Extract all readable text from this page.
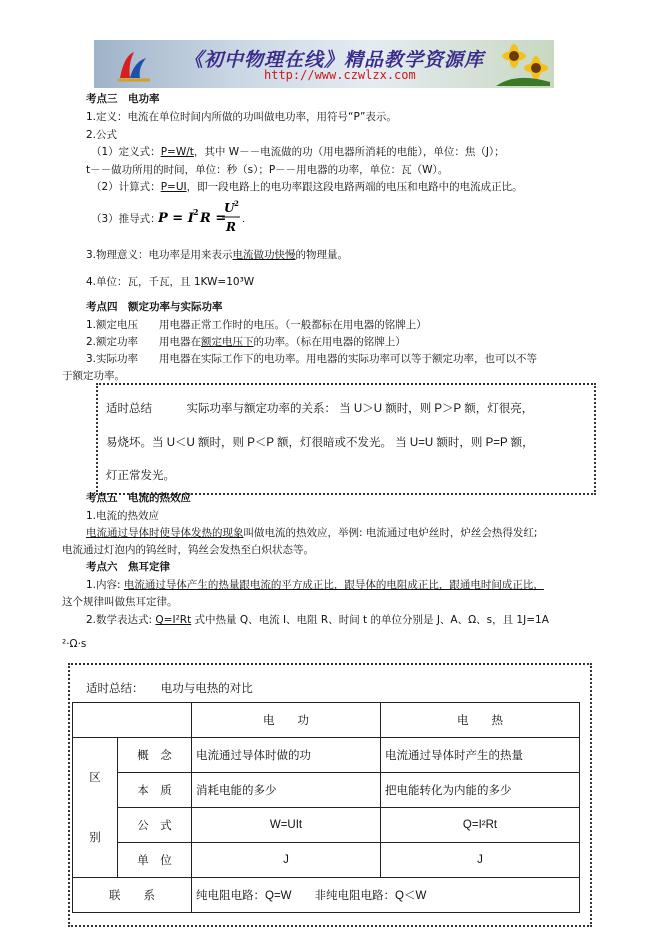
《初中物理在线》精品教学资源库
http://www.czwlzx.com
考点三　电功率
1.定义：电流在单位时间内所做的功叫做电功率，用符号“P”表示。
2.公式
（1）定义式：P=W/t，其中 W－－电流做的功（用电器所消耗的电能），单位：焦（J）；
t－－做功所用的时间，单位：秒（s）；P－－用电器的功率，单位：瓦（W）。
（2）计算式：P=UI，即一段电路上的电功率跟这段电路两端的电压和电路中的电流成正比。
（3）推导式：
P = I 2 R =
U 2
R
.
3.物理意义：电功率是用来表示电流做功快慢的物理量。
4.单位：瓦，千瓦，且 1KW=10³W
考点四　额定功率与实际功率
1.额定电压　　用电器正常工作时的电压。（一般都标在用电器的铭牌上）
2.额定功率　　用电器在额定电压下的功率。（标在用电器的铭牌上）
3.实际功率　　用电器在实际工作下的电功率。用电器的实际功率可以等于额定功率，也可以不等
于额定功率。
适时总结　　　实际功率与额定功率的关系： 当 U＞U 额时，则 P＞P 额，灯很亮，
易烧坏。当 U＜U 额时，则 P＜P 额，灯很暗或不发光。 当 U=U 额时，则 P=P 额，
灯正常发光。
考点五　电流的热效应
1.电流的热效应
电流通过导体时使导体发热的现象叫做电流的热效应，举例: 电流通过电炉丝时，炉丝会热得发红;
电流通过灯泡内的钨丝时，钨丝会发热至白炽状态等。
考点六　焦耳定律
1.内容: 电流通过导体产生的热量跟电流的平方成正比，跟导体的电阻成正比，跟通电时间成正比，
这个规律叫做焦耳定律。
2.数学表达式: Q=I²Rt 式中热量 Q、电流 I、电阻 R、时间 t 的单位分别是 J、A、Ω、s，且 1J=1A
²·Ω·s
适时总结：　　电功与电热的对比
		电　　功	电　　热

区
别	概　念	电流通过导体时做的功	电流通过导体时产生的热量
	本　质	消耗电能的多少	把电能转化为内能的多少
	公　式	W=UIt	Q=I²Rt
	单　位	J	J
联　　系		纯电阻电路：Q=W　　非纯电阻电路：Q＜W	
